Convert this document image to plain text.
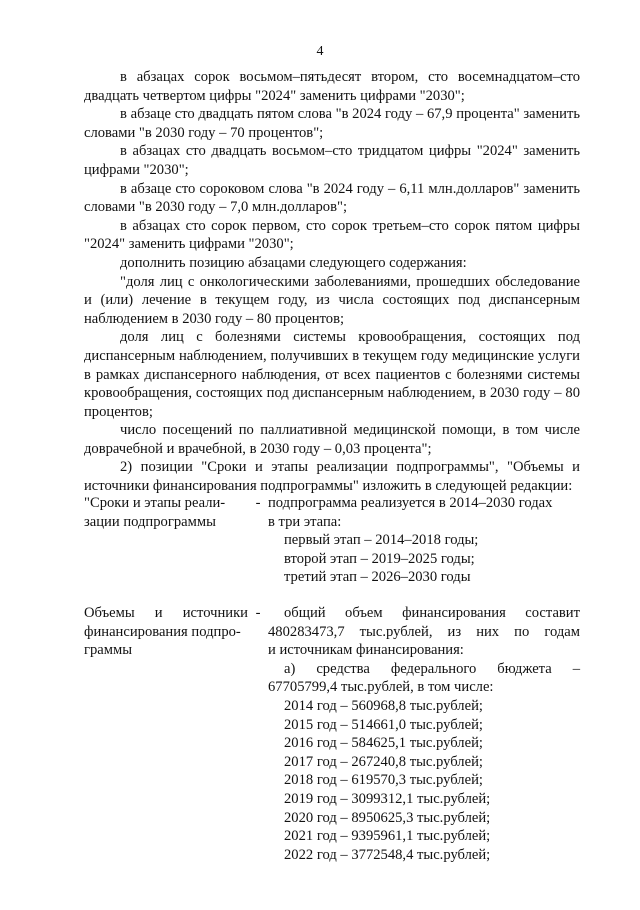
4

в абзацах сорок восьмом–пятьдесят втором, сто восемнадцатом–сто двадцать четвертом цифры "2024" заменить цифрами "2030";

в абзаце сто двадцать пятом слова "в 2024 году – 67,9 процента" заменить словами "в 2030 году – 70 процентов";

в абзацах сто двадцать восьмом–сто тридцатом цифры "2024" заменить цифрами "2030";

в абзаце сто сороковом слова "в 2024 году – 6,11 млн.долларов" заменить словами "в 2030 году – 7,0 млн.долларов";

в абзацах сто сорок первом, сто сорок третьем–сто сорок пятом цифры "2024" заменить цифрами "2030";

дополнить позицию абзацами следующего содержания:

"доля лиц с онкологическими заболеваниями, прошедших обследование и (или) лечение в текущем году, из числа состоящих под диспансерным наблюдением в 2030 году – 80 процентов;

доля лиц с болезнями системы кровообращения, состоящих под диспансерным наблюдением, получивших в текущем году медицинские услуги в рамках диспансерного наблюдения, от всех пациентов с болезнями системы кровообращения, состоящих под диспансерным наблюдением, в 2030 году – 80 процентов;

число посещений по паллиативной медицинской помощи, в том числе доврачебной и врачебной, в 2030 году – 0,03 процента";

2) позиции "Сроки и этапы реализации подпрограммы", "Объемы и источники финансирования подпрограммы" изложить в следующей редакции:

"Сроки и этапы реали-

зации подпрограммы

- подпрограмма реализуется в 2014–2030 годах

в три этапа:

первый этап – 2014–2018 годы;

второй этап – 2019–2025 годы;

третий этап – 2026–2030 годы

Объемы и источники

финансирования подпро-

граммы

-	общий объем финансирования составит

480283473,7 тыс.рублей, из них по годам

и источникам финансирования:

а) средства федерального бюджета –

67705799,4 тыс.рублей, в том числе:

2014 год – 560968,8 тыс.рублей;

2015 год – 514661,0 тыс.рублей;

2016 год – 584625,1 тыс.рублей;

2017 год – 267240,8 тыс.рублей;

2018 год – 619570,3 тыс.рублей;

2019 год – 3099312,1 тыс.рублей;

2020 год – 8950625,3 тыс.рублей;

2021 год – 9395961,1 тыс.рублей;

2022 год – 3772548,4 тыс.рублей;
